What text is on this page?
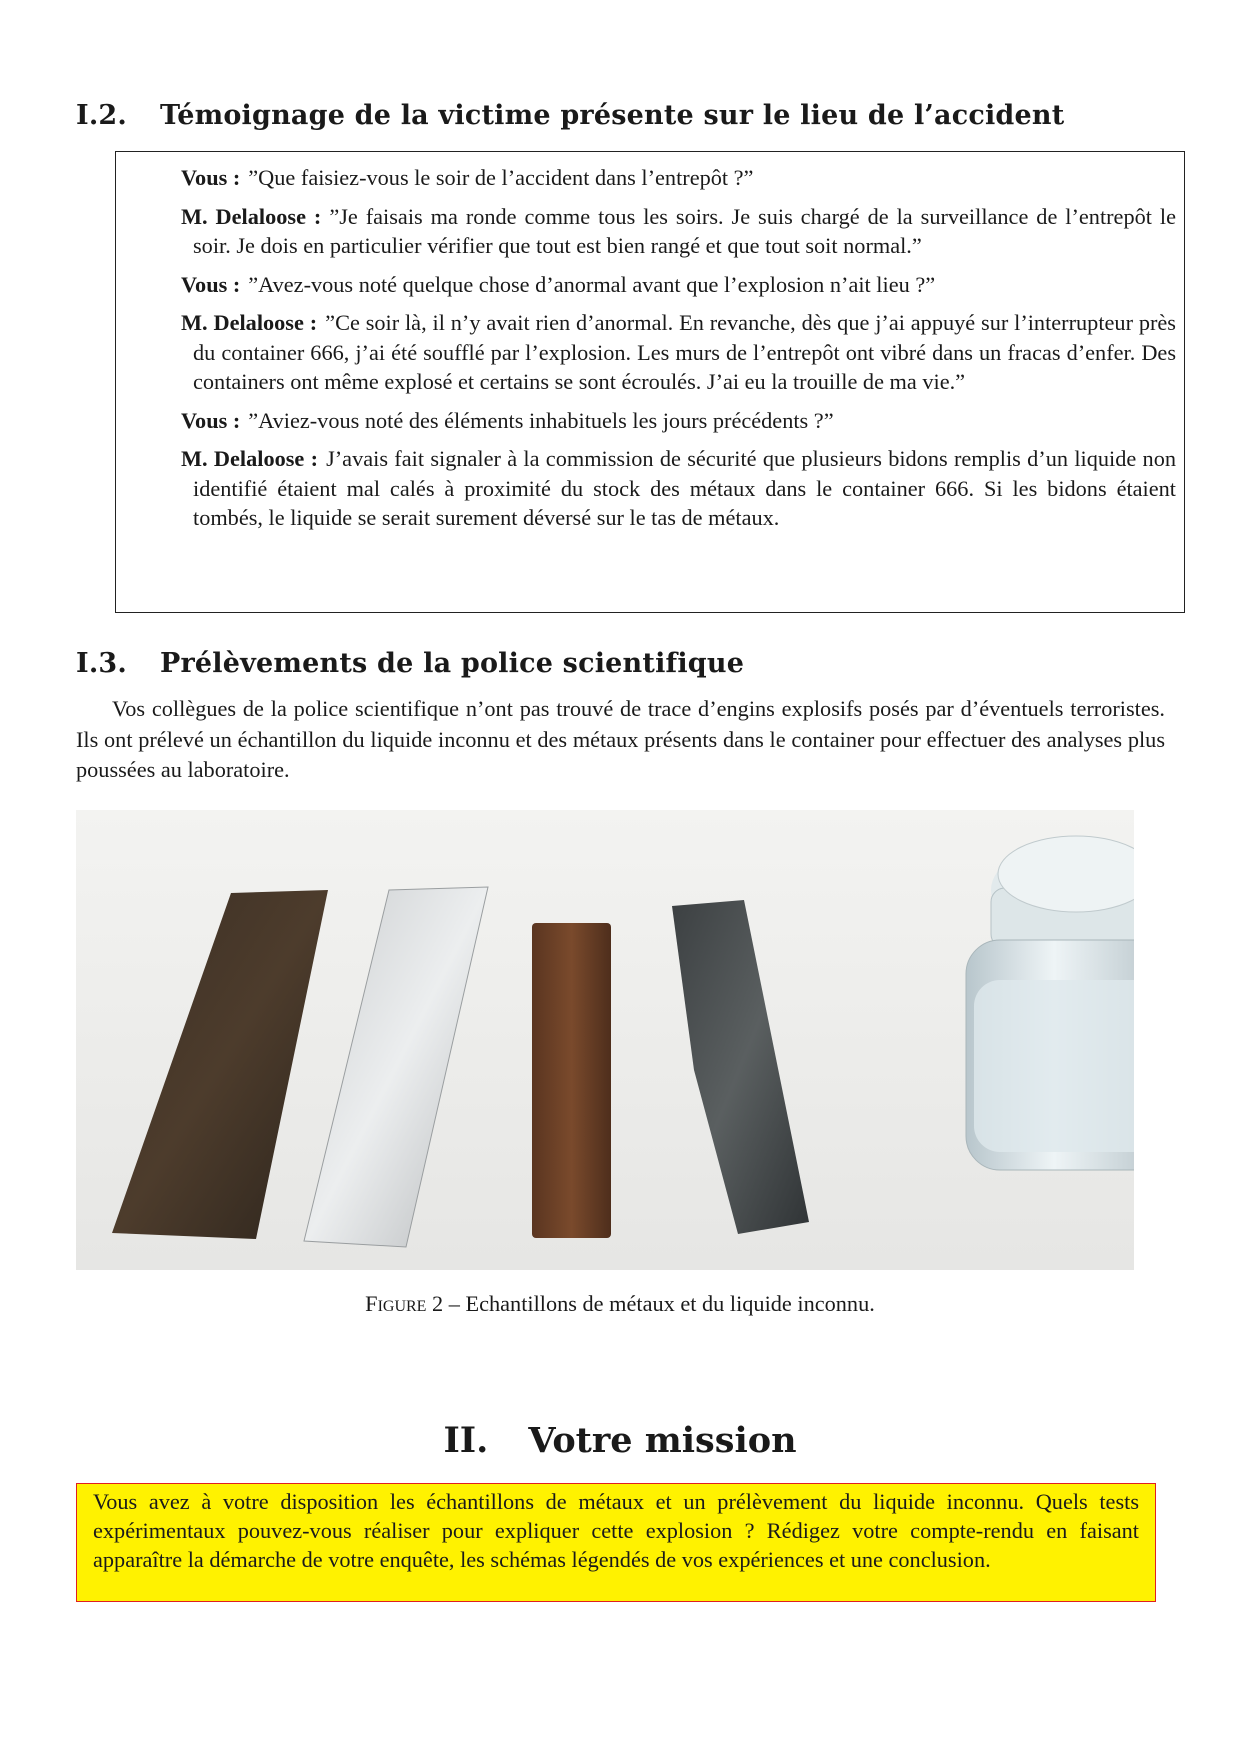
I.2. Témoignage de la victime présente sur le lieu de l’accident

Vous : ”Que faisiez-vous le soir de l’accident dans l’entrepôt ?”

M. Delaloose : ”Je faisais ma ronde comme tous les soirs. Je suis chargé de la surveillance de l’entrepôt le soir. Je dois en particulier vérifier que tout est bien rangé et que tout soit normal.”

Vous : ”Avez-vous noté quelque chose d’anormal avant que l’explosion n’ait lieu ?”

M. Delaloose : ”Ce soir là, il n’y avait rien d’anormal. En revanche, dès que j’ai appuyé sur l’interrupteur près du container 666, j’ai été soufflé par l’explosion. Les murs de l’entrepôt ont vibré dans un fracas d’enfer. Des containers ont même explosé et certains se sont écroulés. J’ai eu la trouille de ma vie.”

Vous : ”Aviez-vous noté des éléments inhabituels les jours précédents ?”

M. Delaloose : J’avais fait signaler à la commission de sécurité que plusieurs bidons remplis d’un liquide non identifié étaient mal calés à proximité du stock des métaux dans le container 666. Si les bidons étaient tombés, le liquide se serait surement déversé sur le tas de métaux.

I.3. Prélèvements de la police scientifique
Vos collègues de la police scientifique n’ont pas trouvé de trace d’engins explosifs posés par d’éventuels terroristes. Ils ont prélevé un échantillon du liquide inconnu et des métaux présents dans le container pour effectuer des analyses plus poussées au laboratoire.
Figure 2 – Echantillons de métaux et du liquide inconnu.
II. Votre mission
Vous avez à votre disposition les échantillons de métaux et un prélèvement du liquide inconnu. Quels tests expérimentaux pouvez-vous réaliser pour expliquer cette explosion ? Rédigez votre compte-rendu en faisant apparaître la démarche de votre enquête, les schémas légendés de vos expériences et une conclusion.
